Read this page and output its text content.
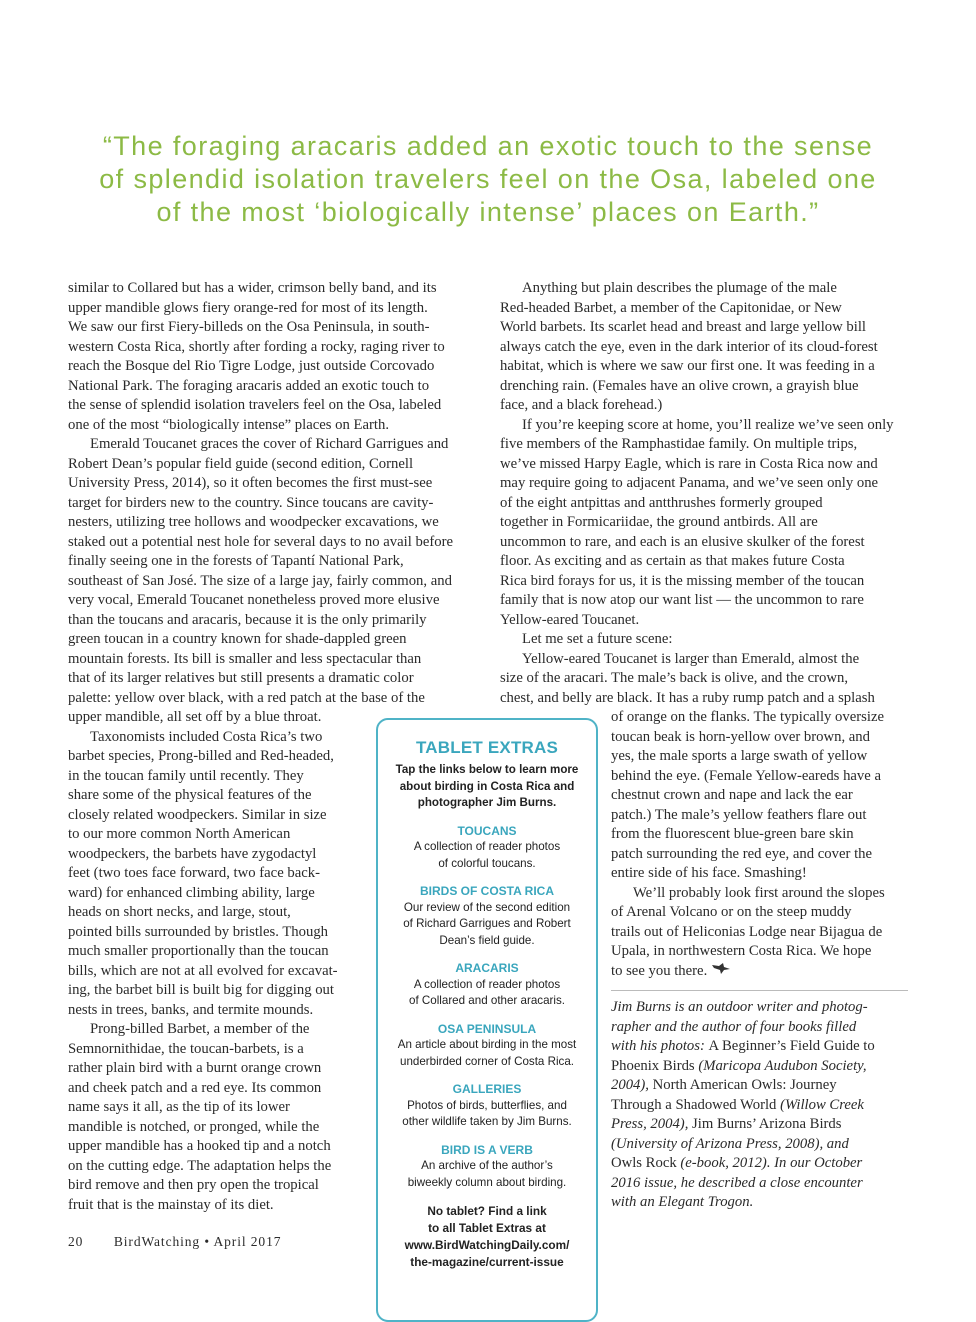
“The foraging aracaris added an exotic touch to the sense
of splendid isolation travelers feel on the Osa, labeled one
of the most ‘biologically intense’ places on Earth.”
similar to Collared but has a wider, crimson belly band, and its
upper mandible glows fiery orange-red for most of its length.
We saw our first Fiery-billeds on the Osa Peninsula, in south-
western Costa Rica, shortly after fording a rocky, raging river to
reach the Bosque del Rio Tigre Lodge, just outside Corcovado
National Park. The foraging aracaris added an exotic touch to
the sense of splendid isolation travelers feel on the Osa, labeled
one of the most “biologically intense” places on Earth.
Emerald Toucanet graces the cover of Richard Garrigues and
Robert Dean’s popular field guide (second edition, Cornell
University Press, 2014), so it often becomes the first must-see
target for birders new to the country. Since toucans are cavity-
nesters, utilizing tree hollows and woodpecker excavations, we
staked out a potential nest hole for several days to no avail before
finally seeing one in the forests of Tapantí National Park,
southeast of San José. The size of a large jay, fairly common, and
very vocal, Emerald Toucanet nonetheless proved more elusive
than the toucans and aracaris, because it is the only primarily
green toucan in a country known for shade-dappled green
mountain forests. Its bill is smaller and less spectacular than
that of its larger relatives but still presents a dramatic color
palette: yellow over black, with a red patch at the base of the
upper mandible, all set off by a blue throat.
Taxonomists included Costa Rica’s two
barbet species, Prong-billed and Red-headed,
in the toucan family until recently. They
share some of the physical features of the
closely related woodpeckers. Similar in size
to our more common North American
woodpeckers, the barbets have zygodactyl
feet (two toes face forward, two face back-
ward) for enhanced climbing ability, large
heads on short necks, and large, stout,
pointed bills surrounded by bristles. Though
much smaller proportionally than the toucan
bills, which are not at all evolved for excavat-
ing, the barbet bill is built big for digging out
nests in trees, banks, and termite mounds.
Prong-billed Barbet, a member of the
Semnornithidae, the toucan-barbets, is a
rather plain bird with a burnt orange crown
and cheek patch and a red eye. Its common
name says it all, as the tip of its lower
mandible is notched, or pronged, while the
upper mandible has a hooked tip and a notch
on the cutting edge. The adaptation helps the
bird remove and then pry open the tropical
fruit that is the mainstay of its diet.
Anything but plain describes the plumage of the male
Red-headed Barbet, a member of the Capitonidae, or New
World barbets. Its scarlet head and breast and large yellow bill
always catch the eye, even in the dark interior of its cloud-forest
habitat, which is where we saw our first one. It was feeding in a
drenching rain. (Females have an olive crown, a grayish blue
face, and a black forehead.)
If you’re keeping score at home, you’ll realize we’ve seen only
five members of the Ramphastidae family. On multiple trips,
we’ve missed Harpy Eagle, which is rare in Costa Rica now and
may require going to adjacent Panama, and we’ve seen only one
of the eight antpittas and antthrushes formerly grouped
together in Formicariidae, the ground antbirds. All are
uncommon to rare, and each is an elusive skulker of the forest
floor. As exciting and as certain as that makes future Costa
Rica bird forays for us, it is the missing member of the toucan
family that is now atop our want list — the uncommon to rare
Yellow-eared Toucanet.
Let me set a future scene:
Yellow-eared Toucanet is larger than Emerald, almost the
size of the aracari. The male’s back is olive, and the crown,
chest, and belly are black. It has a ruby rump patch and a splash
of orange on the flanks. The typically oversize
toucan beak is horn-yellow over brown, and
yes, the male sports a large swath of yellow
behind the eye. (Female Yellow-eareds have a
chestnut crown and nape and lack the ear
patch.) The male’s yellow feathers flare out
from the fluorescent blue-green bare skin
patch surrounding the red eye, and cover the
entire side of his face. Smashing!
We’ll probably look first around the slopes
of Arenal Volcano or on the steep muddy
trails out of Heliconias Lodge near Bijagua de
Upala, in northwestern Costa Rica. We hope
to see you there.
Jim Burns is an outdoor writer and photog-
rapher and the author of four books filled
with his photos: A Beginner’s Field Guide to
Phoenix Birds (Maricopa Audubon Society,
2004), North American Owls: Journey
Through a Shadowed World (Willow Creek
Press, 2004), Jim Burns’ Arizona Birds
(University of Arizona Press, 2008), and
Owls Rock (e-book, 2012). In our October
2016 issue, he described a close encounter
with an Elegant Trogon.
TABLET EXTRAS
Tap the links below to learn more
about birding in Costa Rica and
photographer Jim Burns.
TOUCANS
A collection of reader photos
of colorful toucans.
BIRDS OF COSTA RICA
Our review of the second edition
of Richard Garrigues and Robert
Dean’s field guide.
ARACARIS
A collection of reader photos
of Collared and other aracaris.
OSA PENINSULA
An article about birding in the most
underbirded corner of Costa Rica.
GALLERIES
Photos of birds, butterflies, and
other wildlife taken by Jim Burns.
BIRD IS A VERB
An archive of the author’s
biweekly column about birding.
No tablet? Find a link
to all Tablet Extras at
www.BirdWatchingDaily.com/
the-magazine/current-issue
20 BirdWatching • April 2017
